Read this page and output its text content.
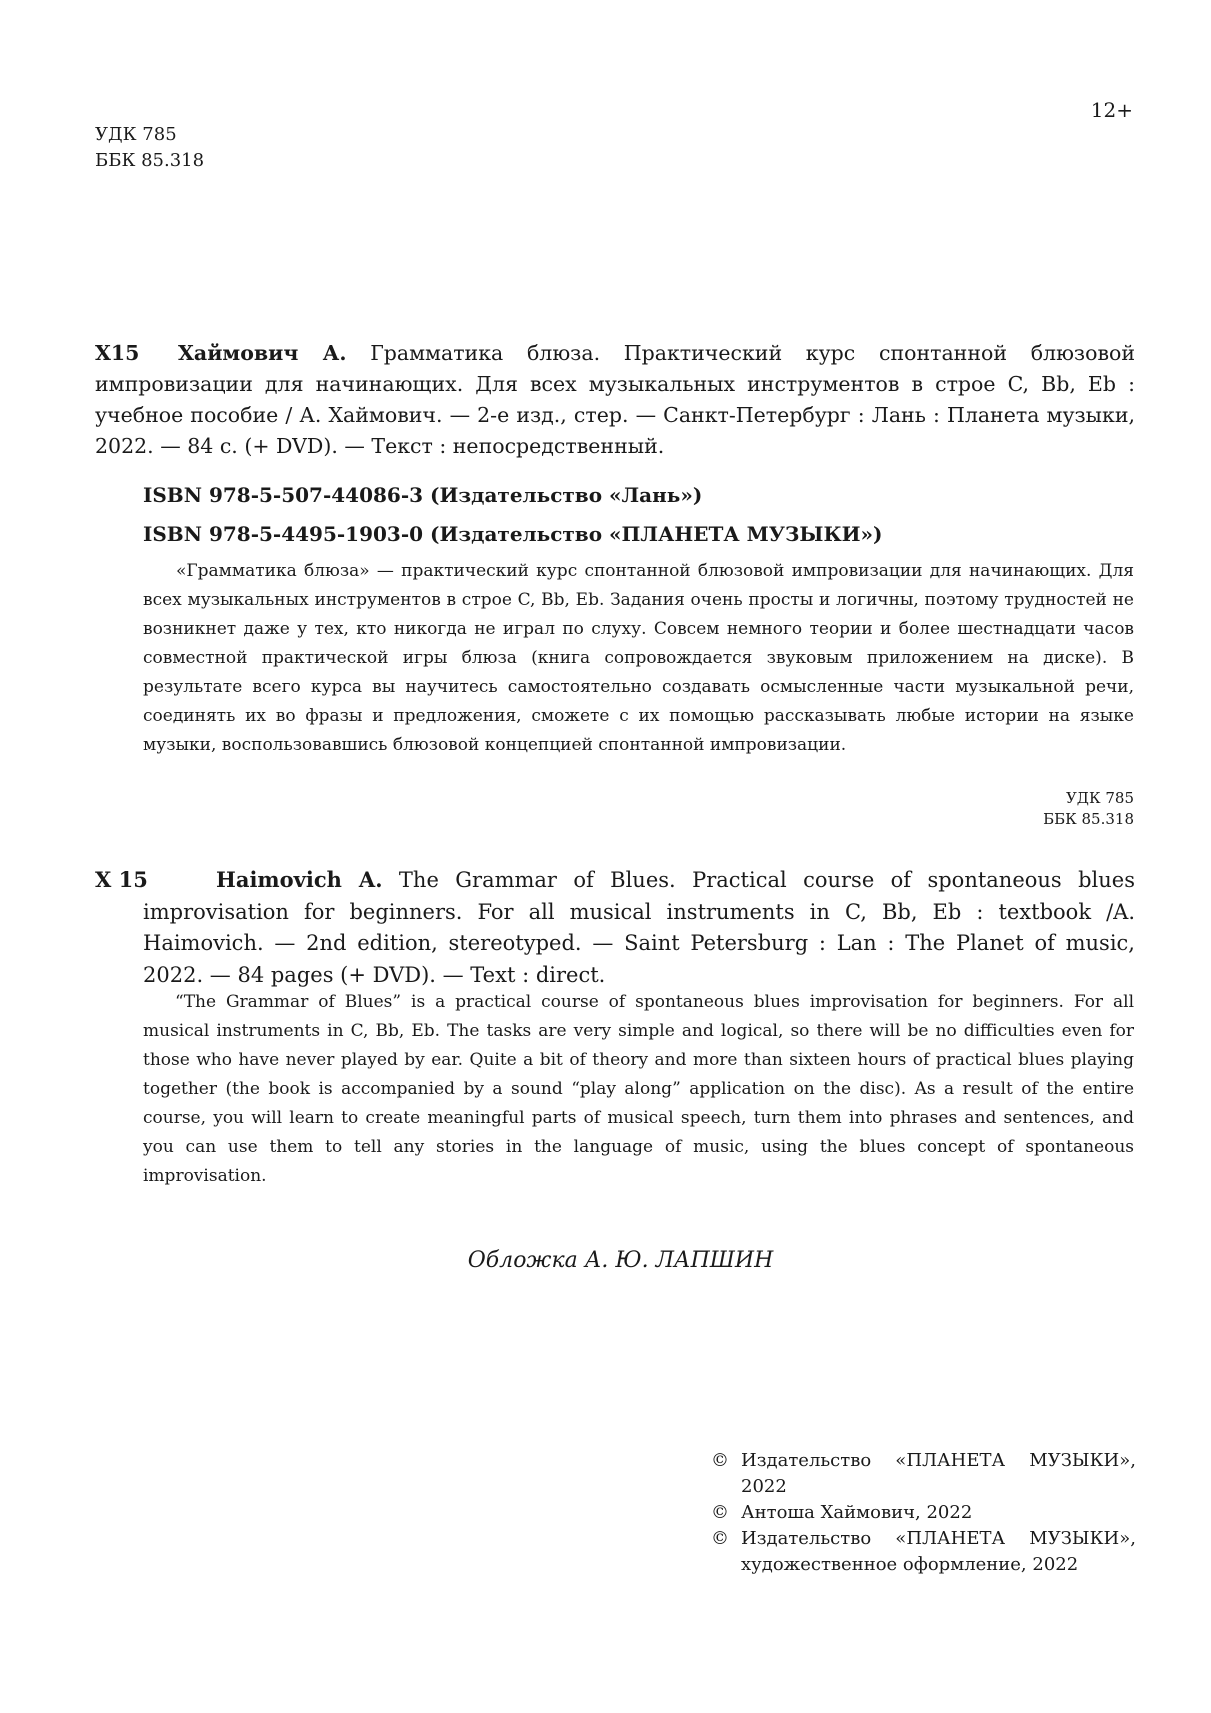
12+
УДК 785
ББК 85.318
Х15	Хаймович А. Грамматика блюза. Практический курс спонтанной блюзовой импровизации для начинающих. Для всех музыкальных инструментов в строе C, Bb, Eb : учебное пособие / А. Хаймович. — 2-е изд., стер. — Санкт-Петербург : Лань : Планета музыки, 2022. — 84 с. (+ DVD). — Текст : непосредственный.
ISBN 978-5-507-44086-3 (Издательство «Лань»)
ISBN 978-5-4495-1903-0 (Издательство «ПЛАНЕТА МУЗЫКИ»)
«Грамматика блюза» — практический курс спонтанной блюзовой импровизации для начинающих. Для всех музыкальных инструментов в строе C, Bb, Eb. Задания очень просты и логичны, поэтому трудностей не возникнет даже у тех, кто никогда не играл по слуху. Совсем немного теории и более шестнадцати часов совместной практической игры блюза (книга сопровождается звуковым приложением на диске). В результате всего курса вы научитесь самостоятельно создавать осмысленные части музыкальной речи, соединять их во фразы и предложения, сможете с их помощью рассказывать любые истории на языке музыки, воспользовавшись блюзовой концепцией спонтанной импровизации.
УДК 785
ББК 85.318
Х 15	Haimovich A. The Grammar of Blues. Practical course of spontaneous blues improvisation for beginners. For all musical instruments in C, Bb, Eb : textbook /A. Haimovich. — 2nd edition, stereotyped. — Saint Petersburg : Lan : The Planet of music, 2022. — 84 pages (+ DVD). — Text : direct.
“The Grammar of Blues” is a practical course of spontaneous blues improvisation for beginners. For all musical instruments in C, Bb, Eb. The tasks are very simple and logical, so there will be no difficulties even for those who have never played by ear. Quite a bit of theory and more than sixteen hours of practical blues playing together (the book is accompanied by a sound “play along” application on the disc). As a result of the entire course, you will learn to create meaningful parts of musical speech, turn them into phrases and sentences, and you can use them to tell any stories in the language of music, using the blues concept of spontaneous improvisation.
Обложка А. Ю. ЛАПШИН
© Издательство «ПЛАНЕТА МУЗЫКИ», 2022
© Антоша Хаймович, 2022
© Издательство «ПЛАНЕТА МУЗЫКИ», художественное оформление, 2022
